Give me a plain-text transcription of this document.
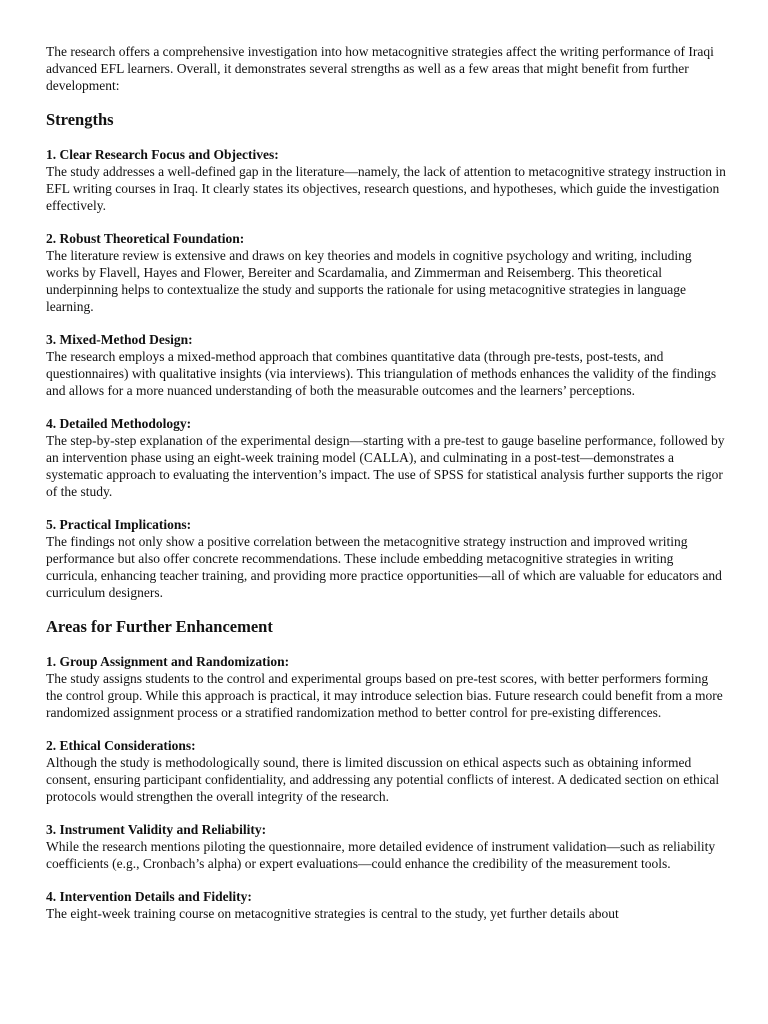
The research offers a comprehensive investigation into how metacognitive strategies affect the writing performance of Iraqi advanced EFL learners. Overall, it demonstrates several strengths as well as a few areas that might benefit from further development:

Strengths
1. Clear Research Focus and Objectives:

The study addresses a well-defined gap in the literature—namely, the lack of attention to metacognitive strategy instruction in EFL writing courses in Iraq. It clearly states its objectives, research questions, and hypotheses, which guide the investigation effectively.

2. Robust Theoretical Foundation:

The literature review is extensive and draws on key theories and models in cognitive psychology and writing, including works by Flavell, Hayes and Flower, Bereiter and Scardamalia, and Zimmerman and Reisemberg. This theoretical underpinning helps to contextualize the study and supports the rationale for using metacognitive strategies in language learning.

3. Mixed-Method Design:

The research employs a mixed-method approach that combines quantitative data (through pre-tests, post-tests, and questionnaires) with qualitative insights (via interviews). This triangulation of methods enhances the validity of the findings and allows for a more nuanced understanding of both the measurable outcomes and the learners’ perceptions.

4. Detailed Methodology:

The step-by-step explanation of the experimental design—starting with a pre-test to gauge baseline performance, followed by an intervention phase using an eight-week training model (CALLA), and culminating in a post-test—demonstrates a systematic approach to evaluating the intervention’s impact. The use of SPSS for statistical analysis further supports the rigor of the study.

5. Practical Implications:

The findings not only show a positive correlation between the metacognitive strategy instruction and improved writing performance but also offer concrete recommendations. These include embedding metacognitive strategies in writing curricula, enhancing teacher training, and providing more practice opportunities—all of which are valuable for educators and curriculum designers.

Areas for Further Enhancement
1. Group Assignment and Randomization:

The study assigns students to the control and experimental groups based on pre-test scores, with better performers forming the control group. While this approach is practical, it may introduce selection bias. Future research could benefit from a more randomized assignment process or a stratified randomization method to better control for pre-existing differences.

2. Ethical Considerations:

Although the study is methodologically sound, there is limited discussion on ethical aspects such as obtaining informed consent, ensuring participant confidentiality, and addressing any potential conflicts of interest. A dedicated section on ethical protocols would strengthen the overall integrity of the research.

3. Instrument Validity and Reliability:

While the research mentions piloting the questionnaire, more detailed evidence of instrument validation—such as reliability coefficients (e.g., Cronbach’s alpha) or expert evaluations—could enhance the credibility of the measurement tools.

4. Intervention Details and Fidelity:

The eight-week training course on metacognitive strategies is central to the study, yet further details about
